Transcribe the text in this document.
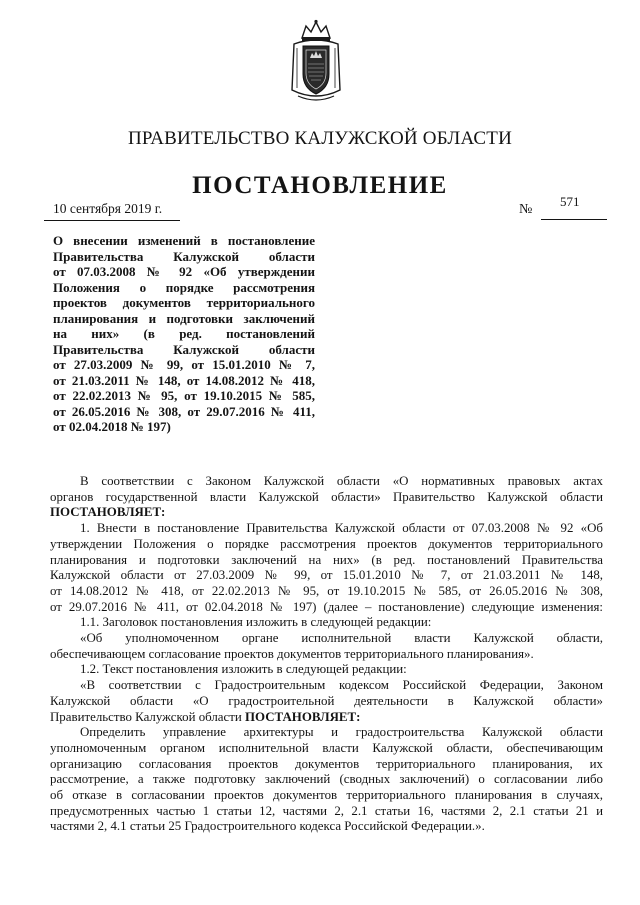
ПРАВИТЕЛЬСТВО КАЛУЖСКОЙ ОБЛАСТИ
ПОСТАНОВЛЕНИЕ
10 сентября 2019 г.	№
571
О внесении изменений в постановление
Правительства Калужской области
от 07.03.2008 № 92 «Об утверждении
Положения о порядке рассмотрения
проектов документов территориального
планирования и подготовки заключений
на них» (в ред. постановлений
Правительства Калужской области
от 27.03.2009 № 99, от 15.01.2010 № 7,
от 21.03.2011 № 148, от 14.08.2012 № 418,
от 22.02.2013 № 95, от 19.10.2015 № 585,
от 26.05.2016 № 308, от 29.07.2016 № 411,
от 02.04.2018 № 197)
В соответствии с Законом Калужской области «О нормативных правовых актах
органов государственной власти Калужской области» Правительство Калужской области
ПОСТАНОВЛЯЕТ:
1. Внести в постановление Правительства Калужской области от 07.03.2008 № 92 «Об
утверждении Положения о порядке рассмотрения проектов документов территориального
планирования и подготовки заключений на них» (в ред. постановлений Правительства
Калужской области от 27.03.2009 № 99, от 15.01.2010 № 7, от 21.03.2011 № 148,
от 14.08.2012 № 418, от 22.02.2013 № 95, от 19.10.2015 № 585, от 26.05.2016 № 308,
от 29.07.2016 № 411, от 02.04.2018 № 197) (далее – постановление) следующие изменения:
1.1. Заголовок постановления изложить в следующей редакции:
«Об уполномоченном органе исполнительной власти Калужской области,
обеспечивающем согласование проектов документов территориального планирования».
1.2. Текст постановления изложить в следующей редакции:
«В соответствии с Градостроительным кодексом Российской Федерации, Законом
Калужской области «О градостроительной деятельности в Калужской области»
Правительство Калужской области ПОСТАНОВЛЯЕТ:
Определить управление архитектуры и градостроительства Калужской области
уполномоченным органом исполнительной власти Калужской области, обеспечивающим
организацию согласования проектов документов территориального планирования, их
рассмотрение, а также подготовку заключений (сводных заключений) о согласовании либо
об отказе в согласовании проектов документов территориального планирования в случаях,
предусмотренных частью 1 статьи 12, частями 2, 2.1 статьи 16, частями 2, 2.1 статьи 21 и
частями 2, 4.1 статьи 25 Градостроительного кодекса Российской Федерации.».
